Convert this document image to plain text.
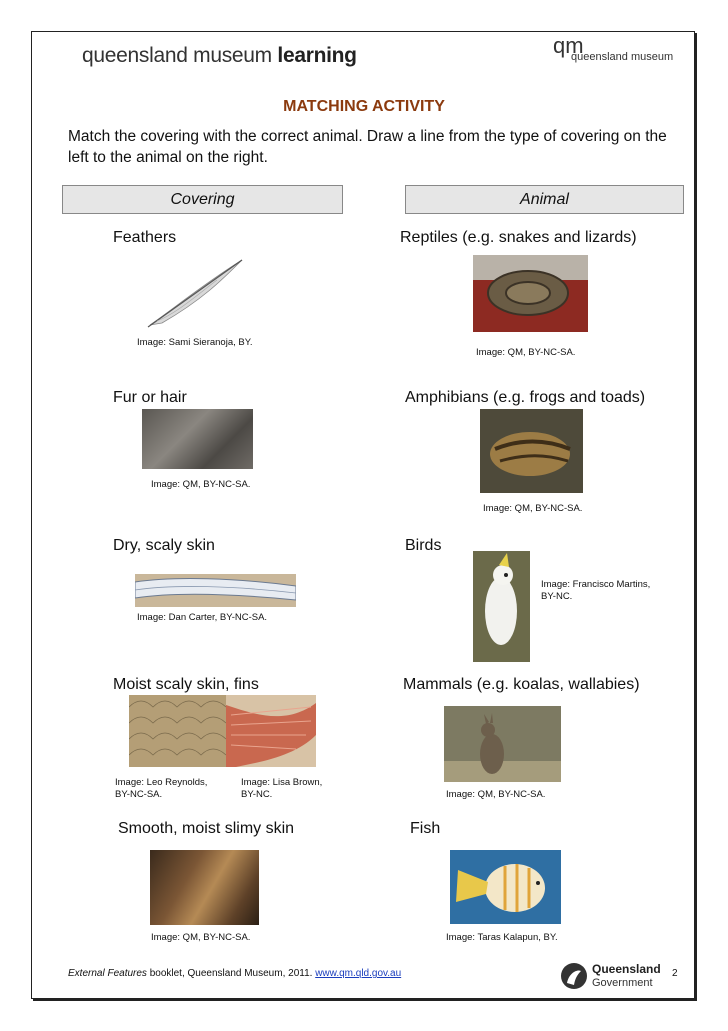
queensland museum learning	qm
queensland museum
MATCHING ACTIVITY
Match the covering with the correct animal. Draw a line from the type of covering on the left to the animal on the right.
Covering	Animal
Feathers
Image: Sami Sieranoja, BY.
Fur or hair
Image: QM, BY-NC-SA.
Dry, scaly skin
Image: Dan Carter, BY-NC-SA.
Moist scaly skin, fins
Image: Leo Reynolds,
BY-NC-SA.
Image: Lisa Brown,
BY-NC.
Smooth, moist slimy skin
Image: QM, BY-NC-SA.
Reptiles (e.g. snakes and lizards)
Image: QM, BY-NC-SA.
Amphibians (e.g. frogs and toads)
Image: QM, BY-NC-SA.
Birds
Image: Francisco Martins,
BY-NC.
Mammals (e.g. koalas, wallabies)
Image: QM, BY-NC-SA.
Fish
Image: Taras Kalapun, BY.
External Features booklet, Queensland Museum, 2011. www.qm.qld.gov.au	Queensland
Government
2
